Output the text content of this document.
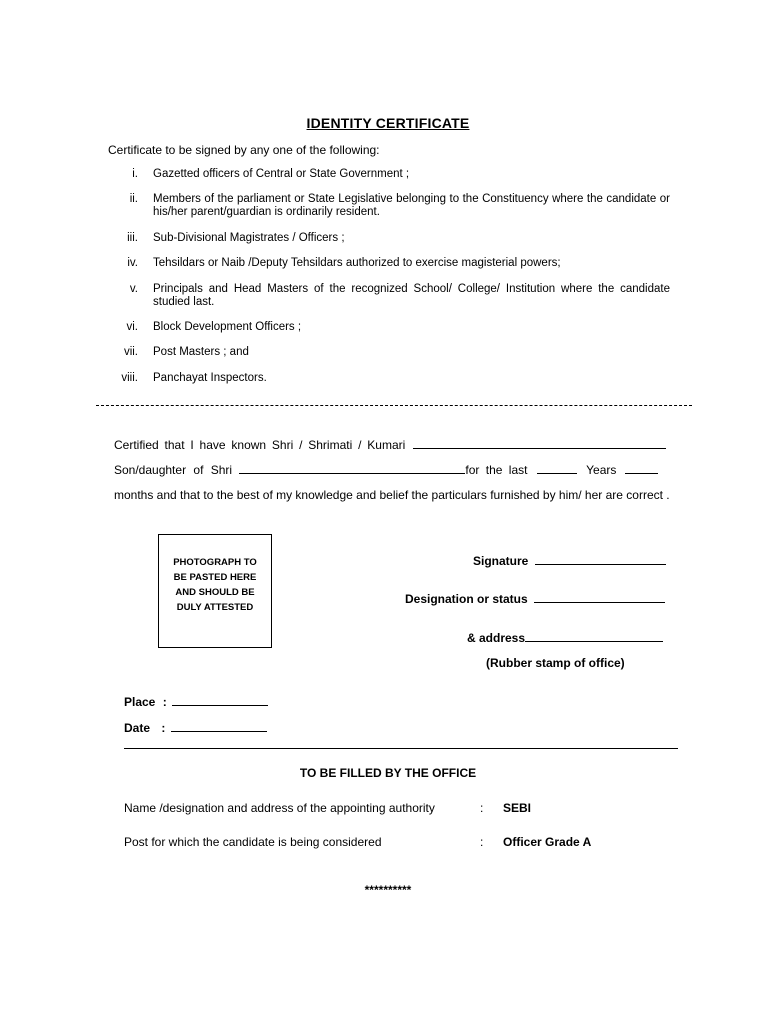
IDENTITY CERTIFICATE
Certificate to be signed by any one of the following:
i. Gazetted officers of Central or State Government ;
ii. Members of the parliament or State Legislative belonging to the Constituency where the candidate or his/her parent/guardian is ordinarily resident.
iii. Sub-Divisional Magistrates / Officers ;
iv. Tehsildars or Naib /Deputy Tehsildars authorized to exercise magisterial powers;
v. Principals and Head Masters of the recognized School/ College/ Institution where the candidate studied last.
vi. Block Development Officers ;
vii. Post Masters ; and
viii. Panchayat Inspectors.
Certified that I have known Shri / Shrimati / Kumari
Son/daughter of Shri	for the last	Years
months and that to the best of my knowledge and belief the particulars furnished by him/ her are correct .
PHOTOGRAPH TO
BE PASTED HERE
AND SHOULD BE
DULY ATTESTED
Signature
Designation or status
& address
(Rubber stamp of office)
Place :
Date :
TO BE FILLED BY THE OFFICE
Name /designation and address of the appointing authority	: SEBI
Post for which the candidate is being considered	: Officer Grade A
**********
